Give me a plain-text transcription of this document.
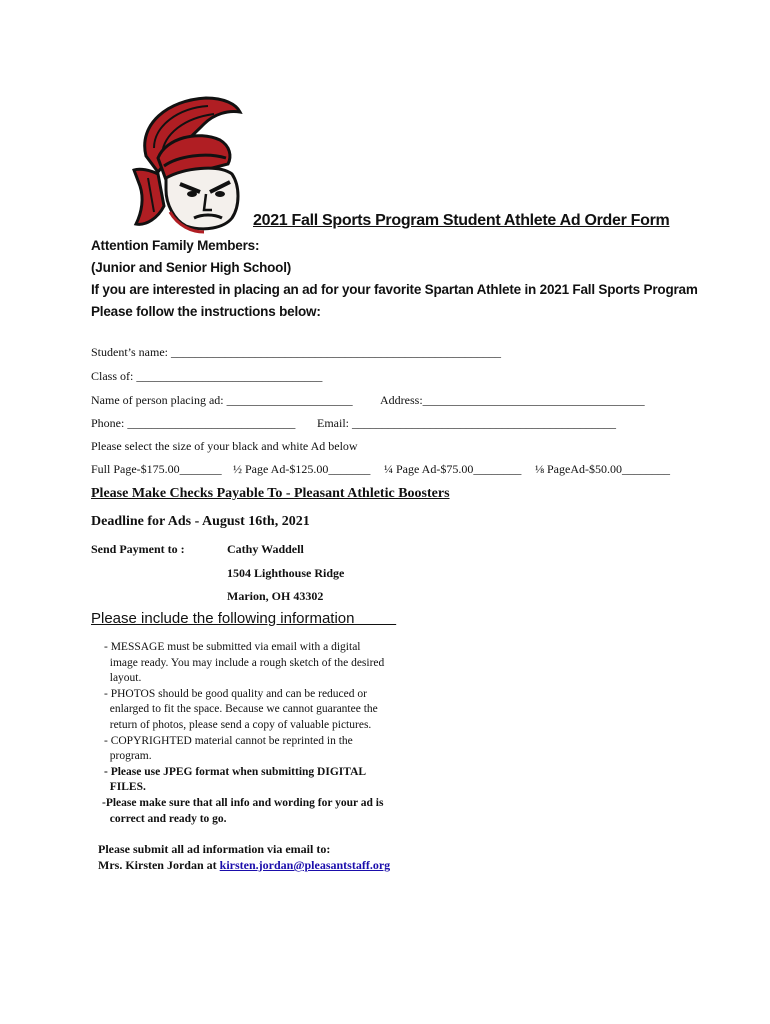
2021 Fall Sports Program Student Athlete Ad Order Form
Attention Family Members:
(Junior and Senior High School)
If you are interested in placing an ad for your favorite Spartan Athlete in 2021 Fall Sports Program
Please follow the instructions below:
Student’s name: _______________________________________________________
Class of: _______________________________
Name of person placing ad: _____________________ Address:_____________________________________
Phone: ____________________________ Email: ____________________________________________
Please select the size of your black and white Ad below
Full Page-$175.00_______ ½ Page Ad-$125.00_______ ¼ Page Ad-$75.00________ ⅛ PageAd-$50.00________
Please Make Checks Payable To - Pleasant Athletic Boosters
Deadline for Ads - August 16th, 2021
Send Payment to :	Cathy Waddell
1504 Lighthouse Ridge
Marion, OH 43302
Please include the following information
- MESSAGE must be submitted via email with a digital
image ready. You may include a rough sketch of the desired
layout.
- PHOTOS should be good quality and can be reduced or
enlarged to fit the space. Because we cannot guarantee the
return of photos, please send a copy of valuable pictures.
- COPYRIGHTED material cannot be reprinted in the
program.
- Please use JPEG format when submitting DIGITAL
FILES.
-Please make sure that all info and wording for your ad is
correct and ready to go.
Please submit all ad information via email to:
Mrs. Kirsten Jordan at kirsten.jordan@pleasantstaff.org
